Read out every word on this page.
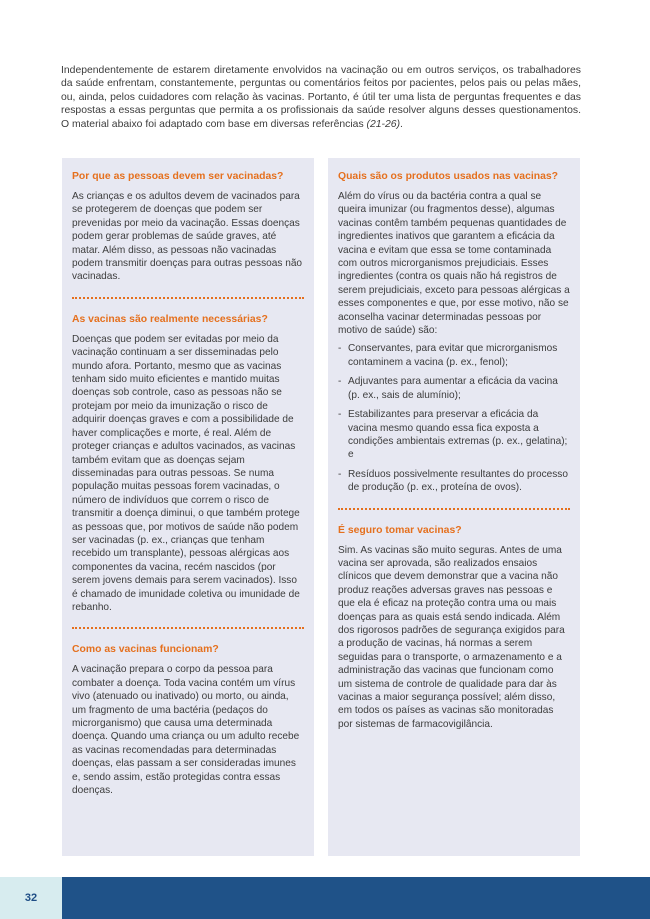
Independentemente de estarem diretamente envolvidos na vacinação ou em outros serviços, os trabalhadores da saúde enfrentam, constantemente, perguntas ou comentários feitos por pacientes, pelos pais ou pelas mães, ou, ainda, pelos cuidadores com relação às vacinas. Portanto, é útil ter uma lista de perguntas frequentes e das respostas a essas perguntas que permita a os profissionais da saúde resolver alguns desses questionamentos. O material abaixo foi adaptado com base em diversas referências (21-26).
Por que as pessoas devem ser vacinadas?

As crianças e os adultos devem de vacinados para se protegerem de doenças que podem ser prevenidas por meio da vacinação. Essas doenças podem gerar problemas de saúde graves, até matar. Além disso, as pessoas não vacinadas podem transmitir doenças para outras pessoas não vacinadas.

As vacinas são realmente necessárias?

Doenças que podem ser evitadas por meio da vacinação continuam a ser disseminadas pelo mundo afora. Portanto, mesmo que as vacinas tenham sido muito eficientes e mantido muitas doenças sob controle, caso as pessoas não se protejam por meio da imunização o risco de adquirir doenças graves e com a possibilidade de haver complicações e morte, é real. Além de proteger crianças e adultos vacinados, as vacinas também evitam que as doenças sejam disseminadas para outras pessoas. Se numa população muitas pessoas forem vacinadas, o número de indivíduos que correm o risco de transmitir a doença diminui, o que também protege as pessoas que, por motivos de saúde não podem ser vacinadas (p. ex., crianças que tenham recebido um transplante), pessoas alérgicas aos componentes da vacina, recém nascidos (por serem jovens demais para serem vacinados). Isso é chamado de imunidade coletiva ou imunidade de rebanho.

Como as vacinas funcionam?

A vacinação prepara o corpo da pessoa para combater a doença. Toda vacina contém um vírus vivo (atenuado ou inativado) ou morto, ou ainda, um fragmento de uma bactéria (pedaços do microrganismo) que causa uma determinada doença. Quando uma criança ou um adulto recebe as vacinas recomendadas para determinadas doenças, elas passam a ser consideradas imunes e, sendo assim, estão protegidas contra essas doenças.

Quais são os produtos usados nas vacinas?

Além do vírus ou da bactéria contra a qual se queira imunizar (ou fragmentos desse), algumas vacinas contêm também pequenas quantidades de ingredientes inativos que garantem a eficácia da vacina e evitam que essa se tome contaminada com outros microrganismos prejudiciais. Esses ingredientes (contra os quais não há registros de serem prejudiciais, exceto para pessoas alérgicas a esses componentes e que, por esse motivo, não se aconselha vacinar determinadas pessoas por motivo de saúde) são:

- Conservantes, para evitar que microrganismos contaminem a vacina (p. ex., fenol);
- Adjuvantes para aumentar a eficácia da vacina (p. ex., sais de alumínio);
- Estabilizantes para preservar a eficácia da vacina mesmo quando essa fica exposta a condições ambientais extremas (p. ex., gelatina); e
- Resíduos possivelmente resultantes do processo de produção (p. ex., proteína de ovos).
É seguro tomar vacinas?

Sim. As vacinas são muito seguras. Antes de uma vacina ser aprovada, são realizados ensaios clínicos que devem demonstrar que a vacina não produz reações adversas graves nas pessoas e que ela é eficaz na proteção contra uma ou mais doenças para as quais está sendo indicada. Além dos rigorosos padrões de segurança exigidos para a produção de vacinas, há normas a serem seguidas para o transporte, o armazenamento e a administração das vacinas que funcionam como um sistema de controle de qualidade para dar às vacinas a maior segurança possível; além disso, em todos os países as vacinas são monitoradas por sistemas de farmacovigilância.

32
